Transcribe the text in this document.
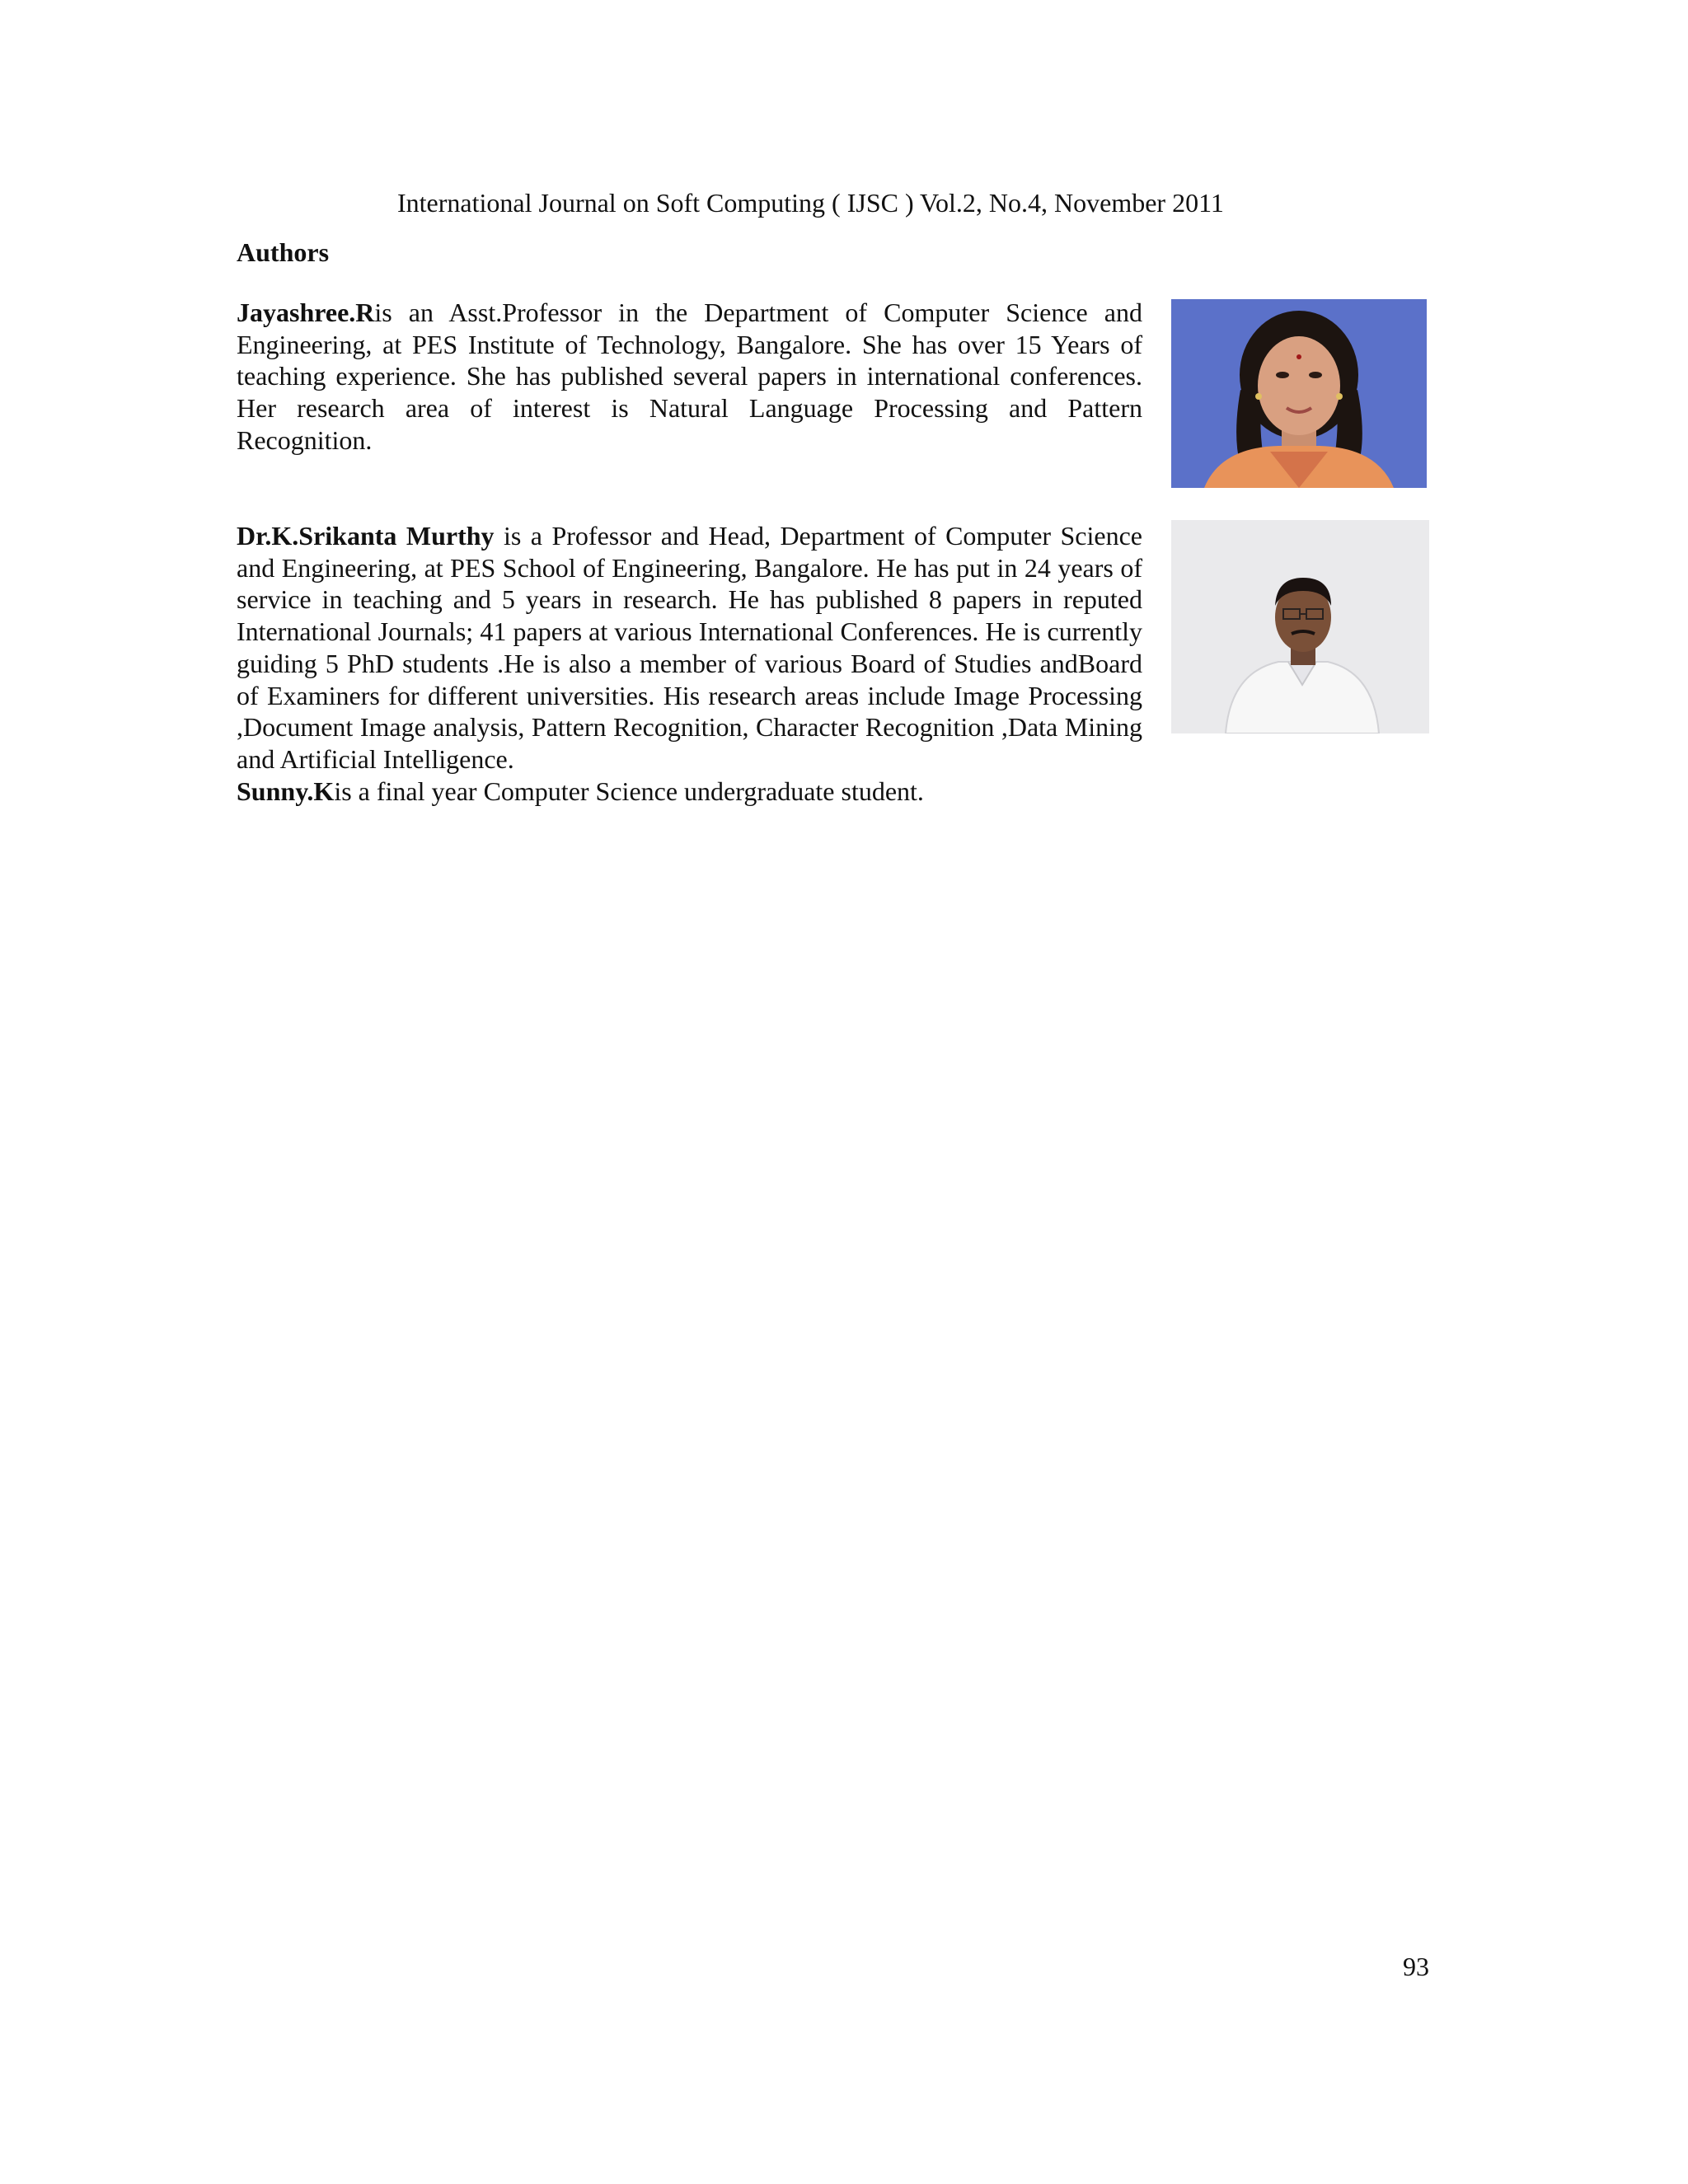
International Journal on Soft Computing ( IJSC ) Vol.2, No.4, November 2011
Authors

Jayashree.Ris an Asst.Professor in the Department of Computer Science and Engineering, at PES Institute of Technology, Bangalore. She has over 15 Years of teaching experience. She has published several papers in international conferences. Her research area of interest is Natural Language Processing and Pattern Recognition.

Dr.K.Srikanta Murthy is a Professor and Head, Department of Computer Science and Engineering, at PES School of Engineering, Bangalore. He has put in 24 years of service in teaching and 5 years in research. He has published 8 papers in reputed International Journals; 41 papers at various International Conferences. He is currently guiding 5 PhD students .He is also a member of various Board of Studies andBoard of Examiners for different universities. His research areas include Image Processing ,Document Image analysis, Pattern Recognition, Character Recognition ,Data Mining and Artificial Intelligence.

Sunny.Kis a final year Computer Science undergraduate student.

93
